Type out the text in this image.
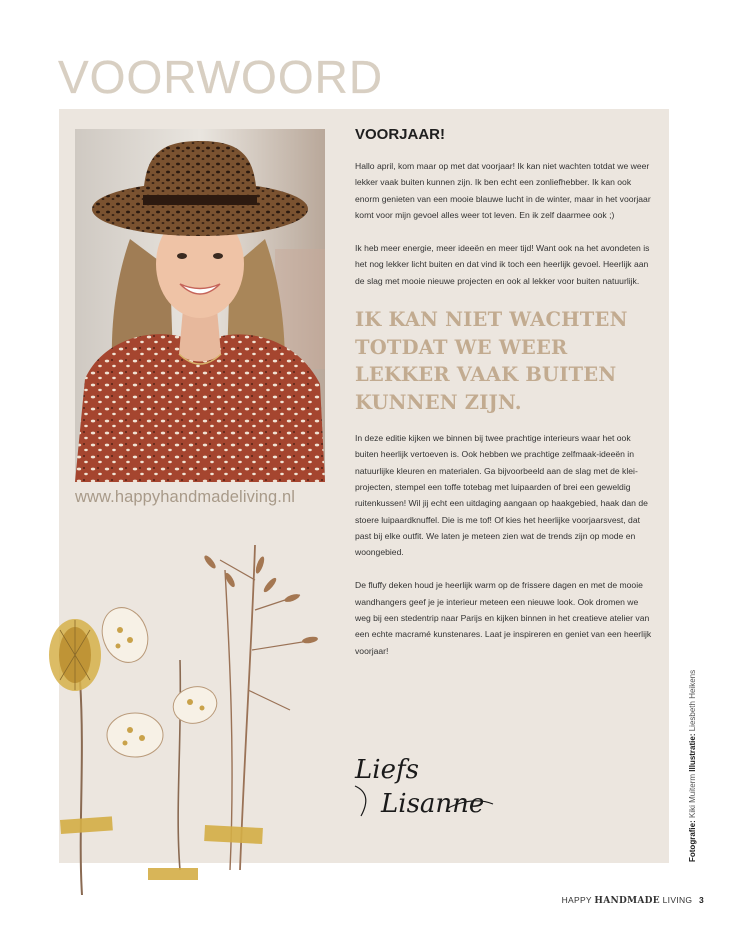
VOORWOORD
www.happyhandmadeliving.nl
VOORJAAR!

Hallo april, kom maar op met dat voorjaar! Ik kan niet wachten totdat we weer lekker vaak buiten kunnen zijn. Ik ben echt een zonliefhebber. Ik kan ook enorm genieten van een mooie blauwe lucht in de winter, maar in het voorjaar komt voor mijn gevoel alles weer tot leven. En ik zelf daarmee ook ;)

Ik heb meer energie, meer ideeën en meer tijd! Want ook na het avondeten is het nog lekker licht buiten en dat vind ik toch een heerlijk gevoel. Heerlijk aan de slag met mooie nieuwe projecten en ook al lekker voor buiten natuurlijk.

IK KAN NIET WACHTEN TOTDAT WE WEER LEKKER VAAK BUITEN KUNNEN ZIJN.

In deze editie kijken we binnen bij twee prachtige interieurs waar het ook buiten heerlijk vertoeven is. Ook hebben we prachtige zelfmaak-ideeën in natuurlijke kleuren en materialen. Ga bijvoorbeeld aan de slag met de klei-projecten, stempel een toffe totebag met luipaarden of brei een geweldig ruitenkussen! Wil jij echt een uitdaging aangaan op haakgebied, haak dan de stoere luipaardknuffel. Die is me tof! Of kies het heerlijke voorjaarsvest, dat past bij elke outfit. We laten je meteen zien wat de trends zijn op mode en woongebied.

De fluffy deken houd je heerlijk warm op de frissere dagen en met de mooie wandhangers geef je je interieur meteen een nieuwe look. Ook dromen we weg bij een stedentrip naar Parijs en kijken binnen in het creatieve atelier van een echte macramé kunstenares. Laat je inspireren en geniet van een heerlijk voorjaar!

Liefs
Lisanne
Fotografie: Kiki Muiterm Illustratie: Liesbeth Heikens
HAPPY HANDMADE LIVING 3
